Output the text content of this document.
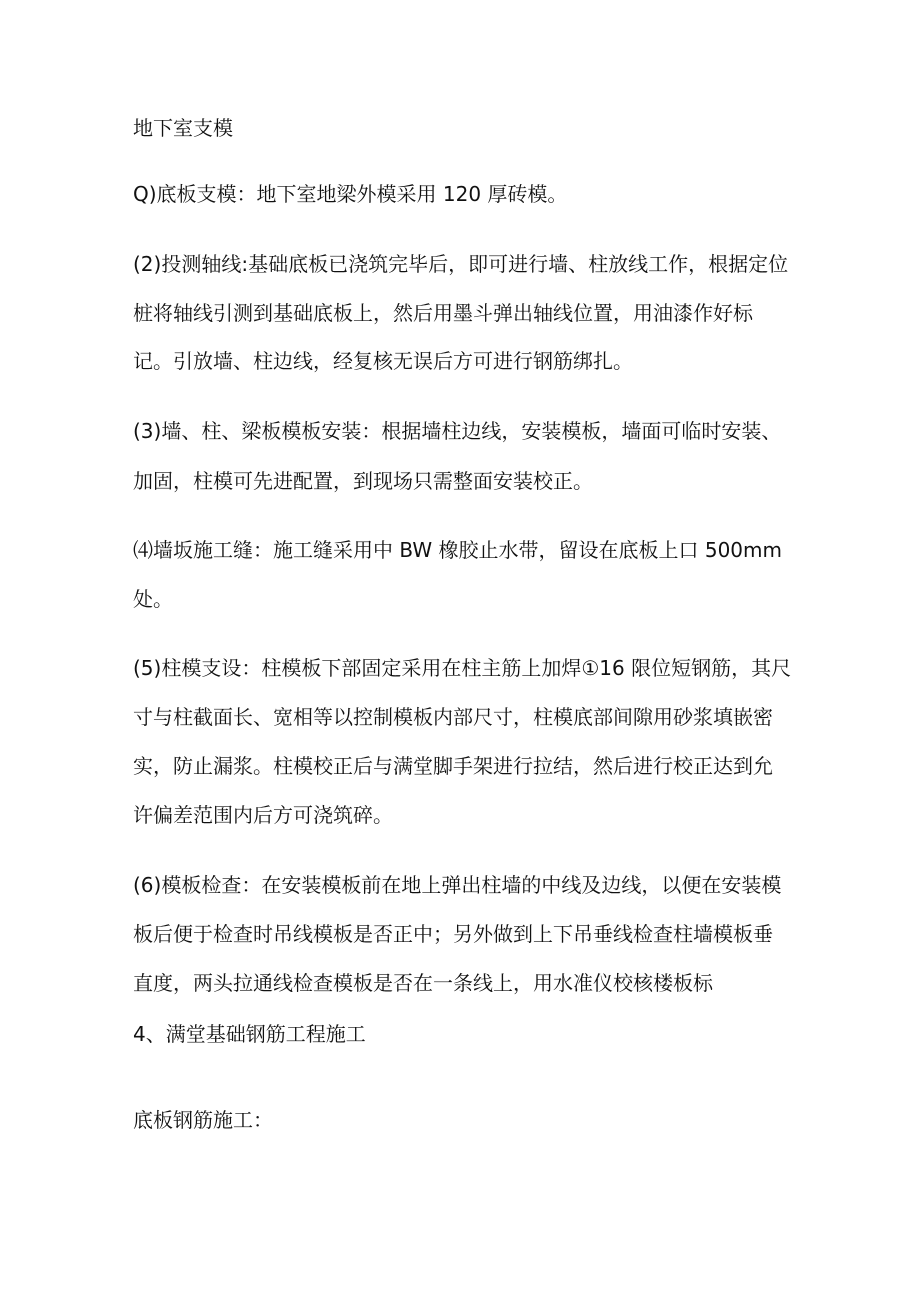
地下室支模

Q)底板支模：地下室地梁外模采用 120 厚砖模。

(2)投测轴线:基础底板已浇筑完毕后，即可进行墙、柱放线工作，根据定位

桩将轴线引测到基础底板上，然后用墨斗弹出轴线位置，用油漆作好标

记。引放墙、柱边线，经复核无误后方可进行钢筋绑扎。

(3)墙、柱、梁板模板安装：根据墙柱边线，安装模板，墙面可临时安装、

加固，柱模可先进配置，到现场只需整面安装校正。

⑷墙坂施工缝：施工缝采用中 BW 橡胶止水带，留设在底板上口 500mm

处。

(5)柱模支设：柱模板下部固定采用在柱主筋上加焊①16 限位短钢筋，其尺

寸与柱截面长、宽相等以控制模板内部尺寸，柱模底部间隙用砂浆填嵌密

实，防止漏浆。柱模校正后与满堂脚手架进行拉结，然后进行校正达到允

许偏差范围内后方可浇筑碎。

(6)模板检查：在安装模板前在地上弹出柱墙的中线及边线，以便在安装模

板后便于检查时吊线模板是否正中；另外做到上下吊垂线检查柱墙模板垂

直度，两头拉通线检查模板是否在一条线上，用水准仪校核楼板标

4、满堂基础钢筋工程施工

底板钢筋施工：
